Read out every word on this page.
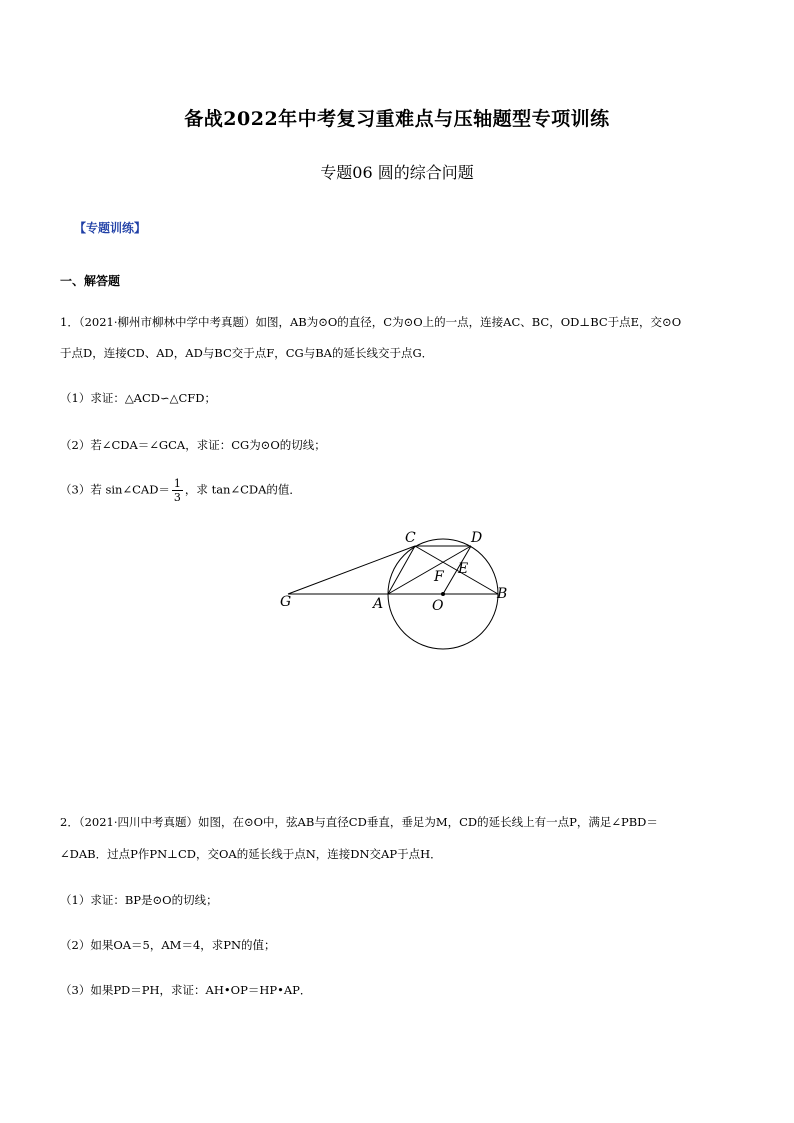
备战2022年中考复习重难点与压轴题型专项训练
专题06 圆的综合问题
【专题训练】
一、解答题
1．（2021·柳州市柳林中学中考真题）如图，AB为⊙O的直径，C为⊙O上的一点，连接AC、BC，OD⊥BC于点E，交⊙O
于点D，连接CD、AD，AD与BC交于点F，CG与BA的延长线交于点G．
（1）求证：△ACD∽△CFD；
（2）若∠CDA＝∠GCA，求证：CG为⊙O的切线；
（3）若 sin∠CAD＝ $\frac{1}{3}$ ，求 tan∠CDA的值．
C	D
F E
G	A	O
B
2．（2021·四川中考真题）如图，在⊙O中，弦AB与直径CD垂直，垂足为M，CD的延长线上有一点P，满足∠PBD＝
∠DAB．过点P作PN⊥CD，交OA的延长线于点N，连接DN交AP于点H．
（1）求证：BP是⊙O的切线；
（2）如果OA＝5，AM＝4，求PN的值；
（3）如果PD＝PH，求证：AH•OP＝HP•AP．
